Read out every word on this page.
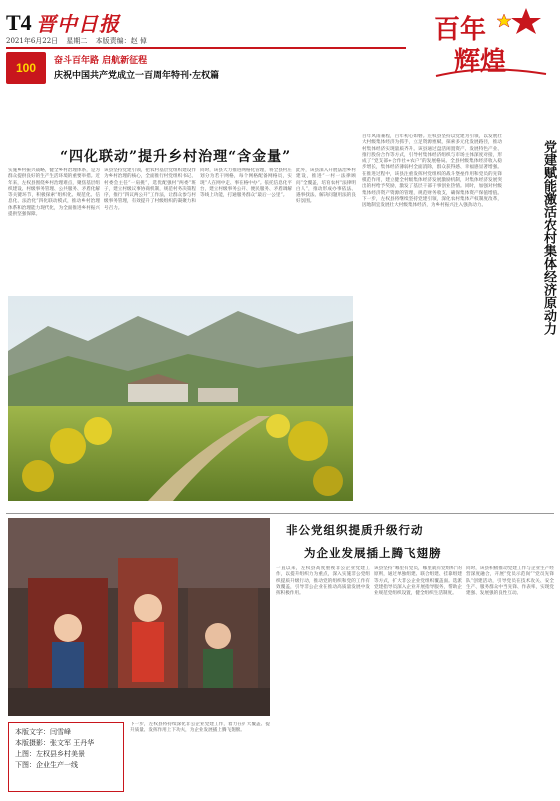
T4 晋中日报
2021年6月22日 星期二 本版责编：赵 倬
100	奋斗百年路 启航新征程
庆祝中国共产党成立一百周年特刊·左权篇
百年
辉煌
“四化联动”提升乡村治理“含金量”
实施乡村振兴战略，健全乡村治理体系，是为群众提供良好的生产生活环境的重要举措。近年来，左权县围绕乡村治理难点，聚焦基层组织建设、村级事务管理、公共服务、矛盾化解等关键环节，积极探索“组织化、规范化、信息化、法治化”四化联动模式，推动乡村治理体系和治理能力现代化，为全面推进乡村振兴提供坚强保障。
该县坚持党建引领，把农村基层党组织建设作为乡村治理的核心，全面推行村党组织书记、村委会主任“一肩挑”，选优配强村“两委”班子，建立村级议事协商机制，规范村务决策程序，推行“四议两公开”工作法，让群众参与村级事务管理，有效提升了村级组织的凝聚力和号召力。
同时，该县大力推进网格化管理，将全县村庄划分为若干网格，每个网格配备网格员，实现“人在网中走、事在格中办”。依托信息化平台，建立村级事务公开、便民服务、矛盾调解等线上功能，打通服务群众“最后一公里”。
此外，该县深入开展法治乡村建设，推进“一村一法律顾问”全覆盖，培育农村“法律明白人”，推动形成办事依法、遇事找法、解决问题用法的良好氛围。	党建赋能激活农村集体经济原动力
百年风雨兼程，百年初心如磐。左权县坚持以党建为引领，以发展壮大村级集体经济为抓手，立足资源禀赋，探索多元化发展路径，推动村集体经济实现量质齐升。该县通过盘活闲置资产、发展特色产业、推行股份合作等方式，引导村集体经济组织与市场主体深度对接，形成了“党支部+合作社+农户”的发展格局。全县村级集体经济收入稳步增长，集体经济薄弱村全面消除，群众获得感、幸福感显著增强。在推进过程中，该县注重发挥村党组织的战斗堡垒作用和党员的先锋模范作用，建立健全村级集体经济发展激励机制，对集体经济发展突出的村给予奖励，激发了基层干部干事创业热情。同时，加强对村级集体经济资产资源的管理，规范财务收支，确保集体资产保值增值。下一步，左权县将继续坚持党建引领，深化农村集体产权制度改革，因地制宜发展壮大村级集体经济，为乡村振兴注入强劲动力。
非公党组织提质升级行动
为企业发展插上腾飞翅膀
一直以来，左权县高度重视非公企业党建工作，以提升组织力为重点，深入实施非公党组织提质升级行动，推动党的组织和党的工作有效覆盖，引导非公企业在推动高质量发展中发挥积极作用。
该县坚持“哪里有党员，哪里就有党组织”的原则，通过单独组建、联合组建、挂靠组建等方式，扩大非公企业党组织覆盖面。选派党建指导员深入企业开展指导服务，帮助企业规范党组织设置，健全组织生活制度。
同时，该县积极推动党建工作与企业生产经营深度融合，开展“党员示范岗”“党员先锋队”创建活动，引导党员在技术攻关、安全生产、服务群众中当先锋、作表率，实现党建强、发展强的良性互动。
下一步，左权县将持续深化非公企业党建工作，着力在扩大覆盖、提升质量、发挥作用上下功夫，为企业发展插上腾飞翅膀。
本版文字：闫雪峰
本版摄影：张文军 王丹华
上图：左权县乡村美景
下图：企业生产一线
